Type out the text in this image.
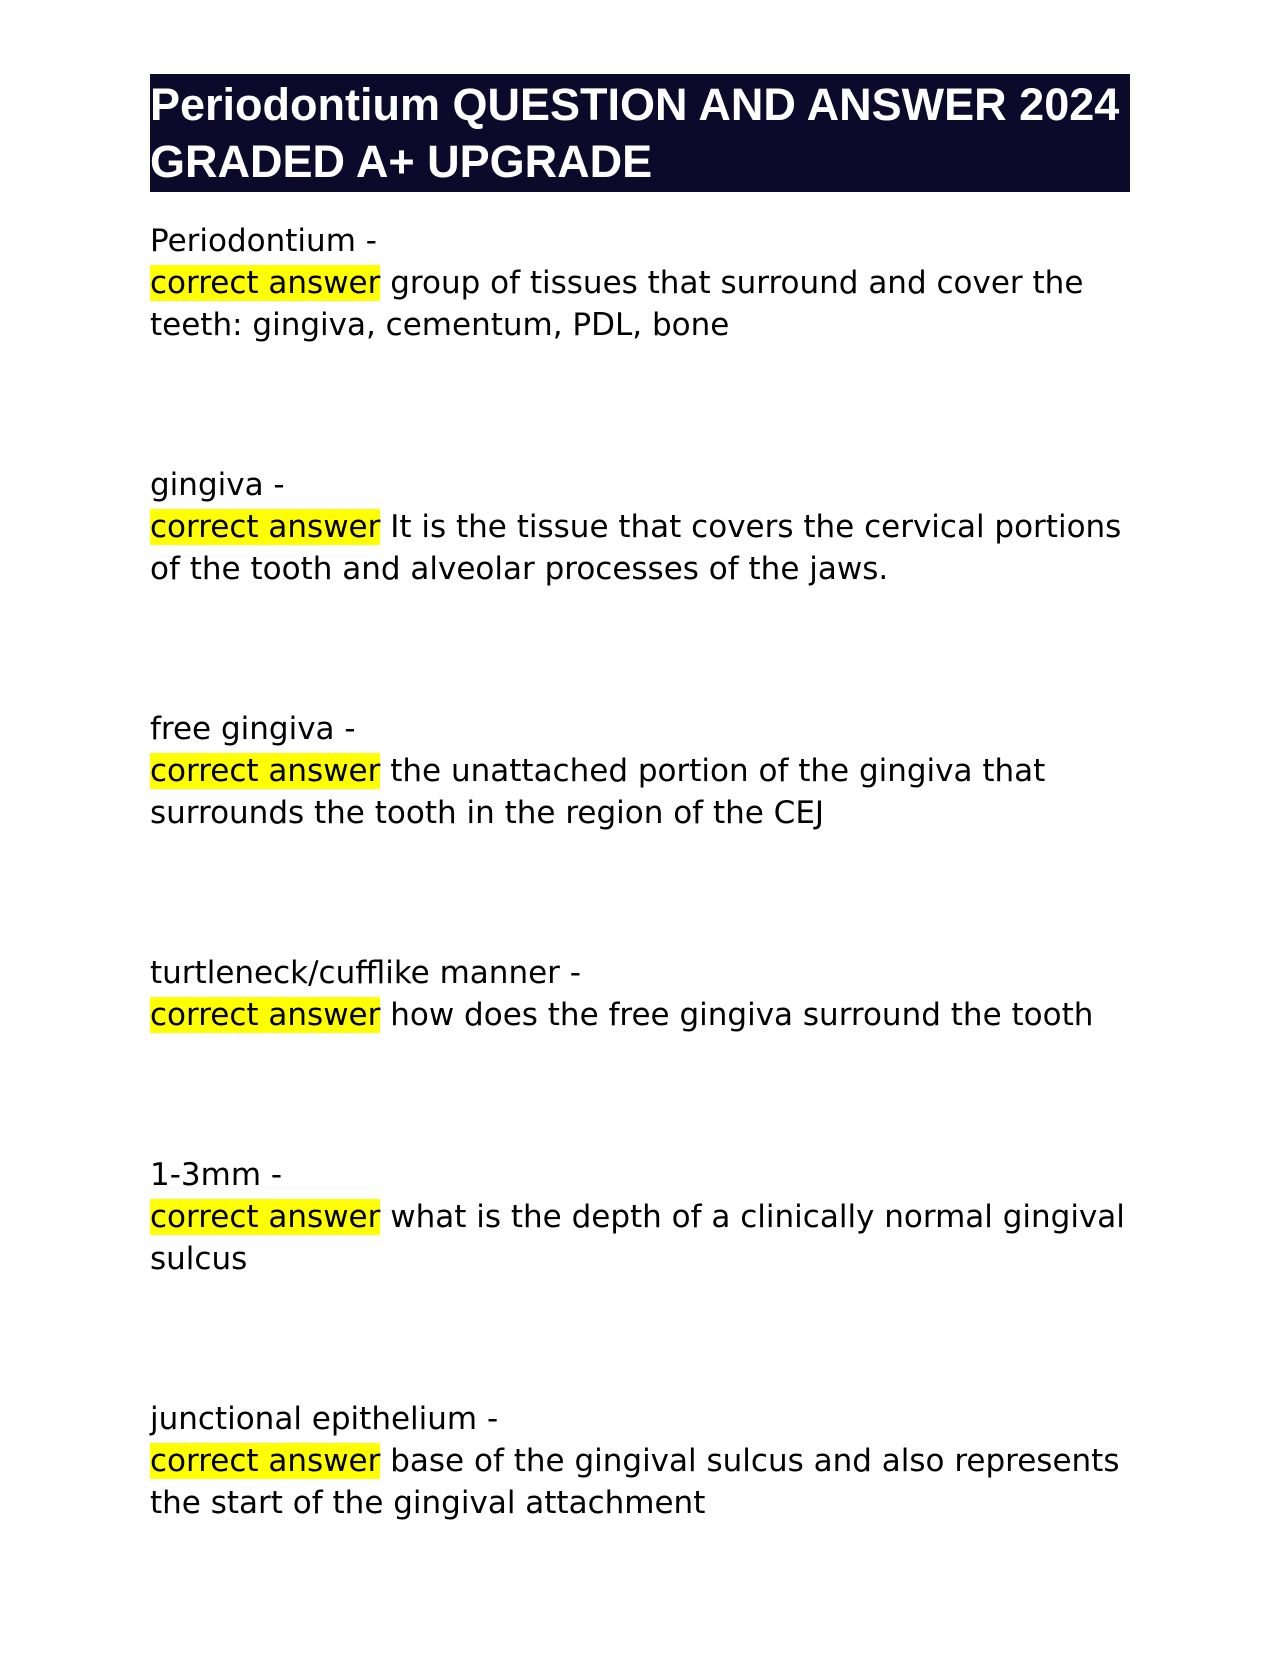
Periodontium QUESTION AND ANSWER 2024 GRADED A+ UPGRADE
Periodontium -
correct answer group of tissues that surround and cover the teeth: gingiva, cementum, PDL, bone
gingiva -
correct answer It is the tissue that covers the cervical portions of the tooth and alveolar processes of the jaws.
free gingiva -
correct answer the unattached portion of the gingiva that surrounds the tooth in the region of the CEJ
turtleneck/cufflike manner -
correct answer how does the free gingiva surround the tooth
1-3mm -
correct answer what is the depth of a clinically normal gingival sulcus
junctional epithelium -
correct answer base of the gingival sulcus and also represents the start of the gingival attachment
